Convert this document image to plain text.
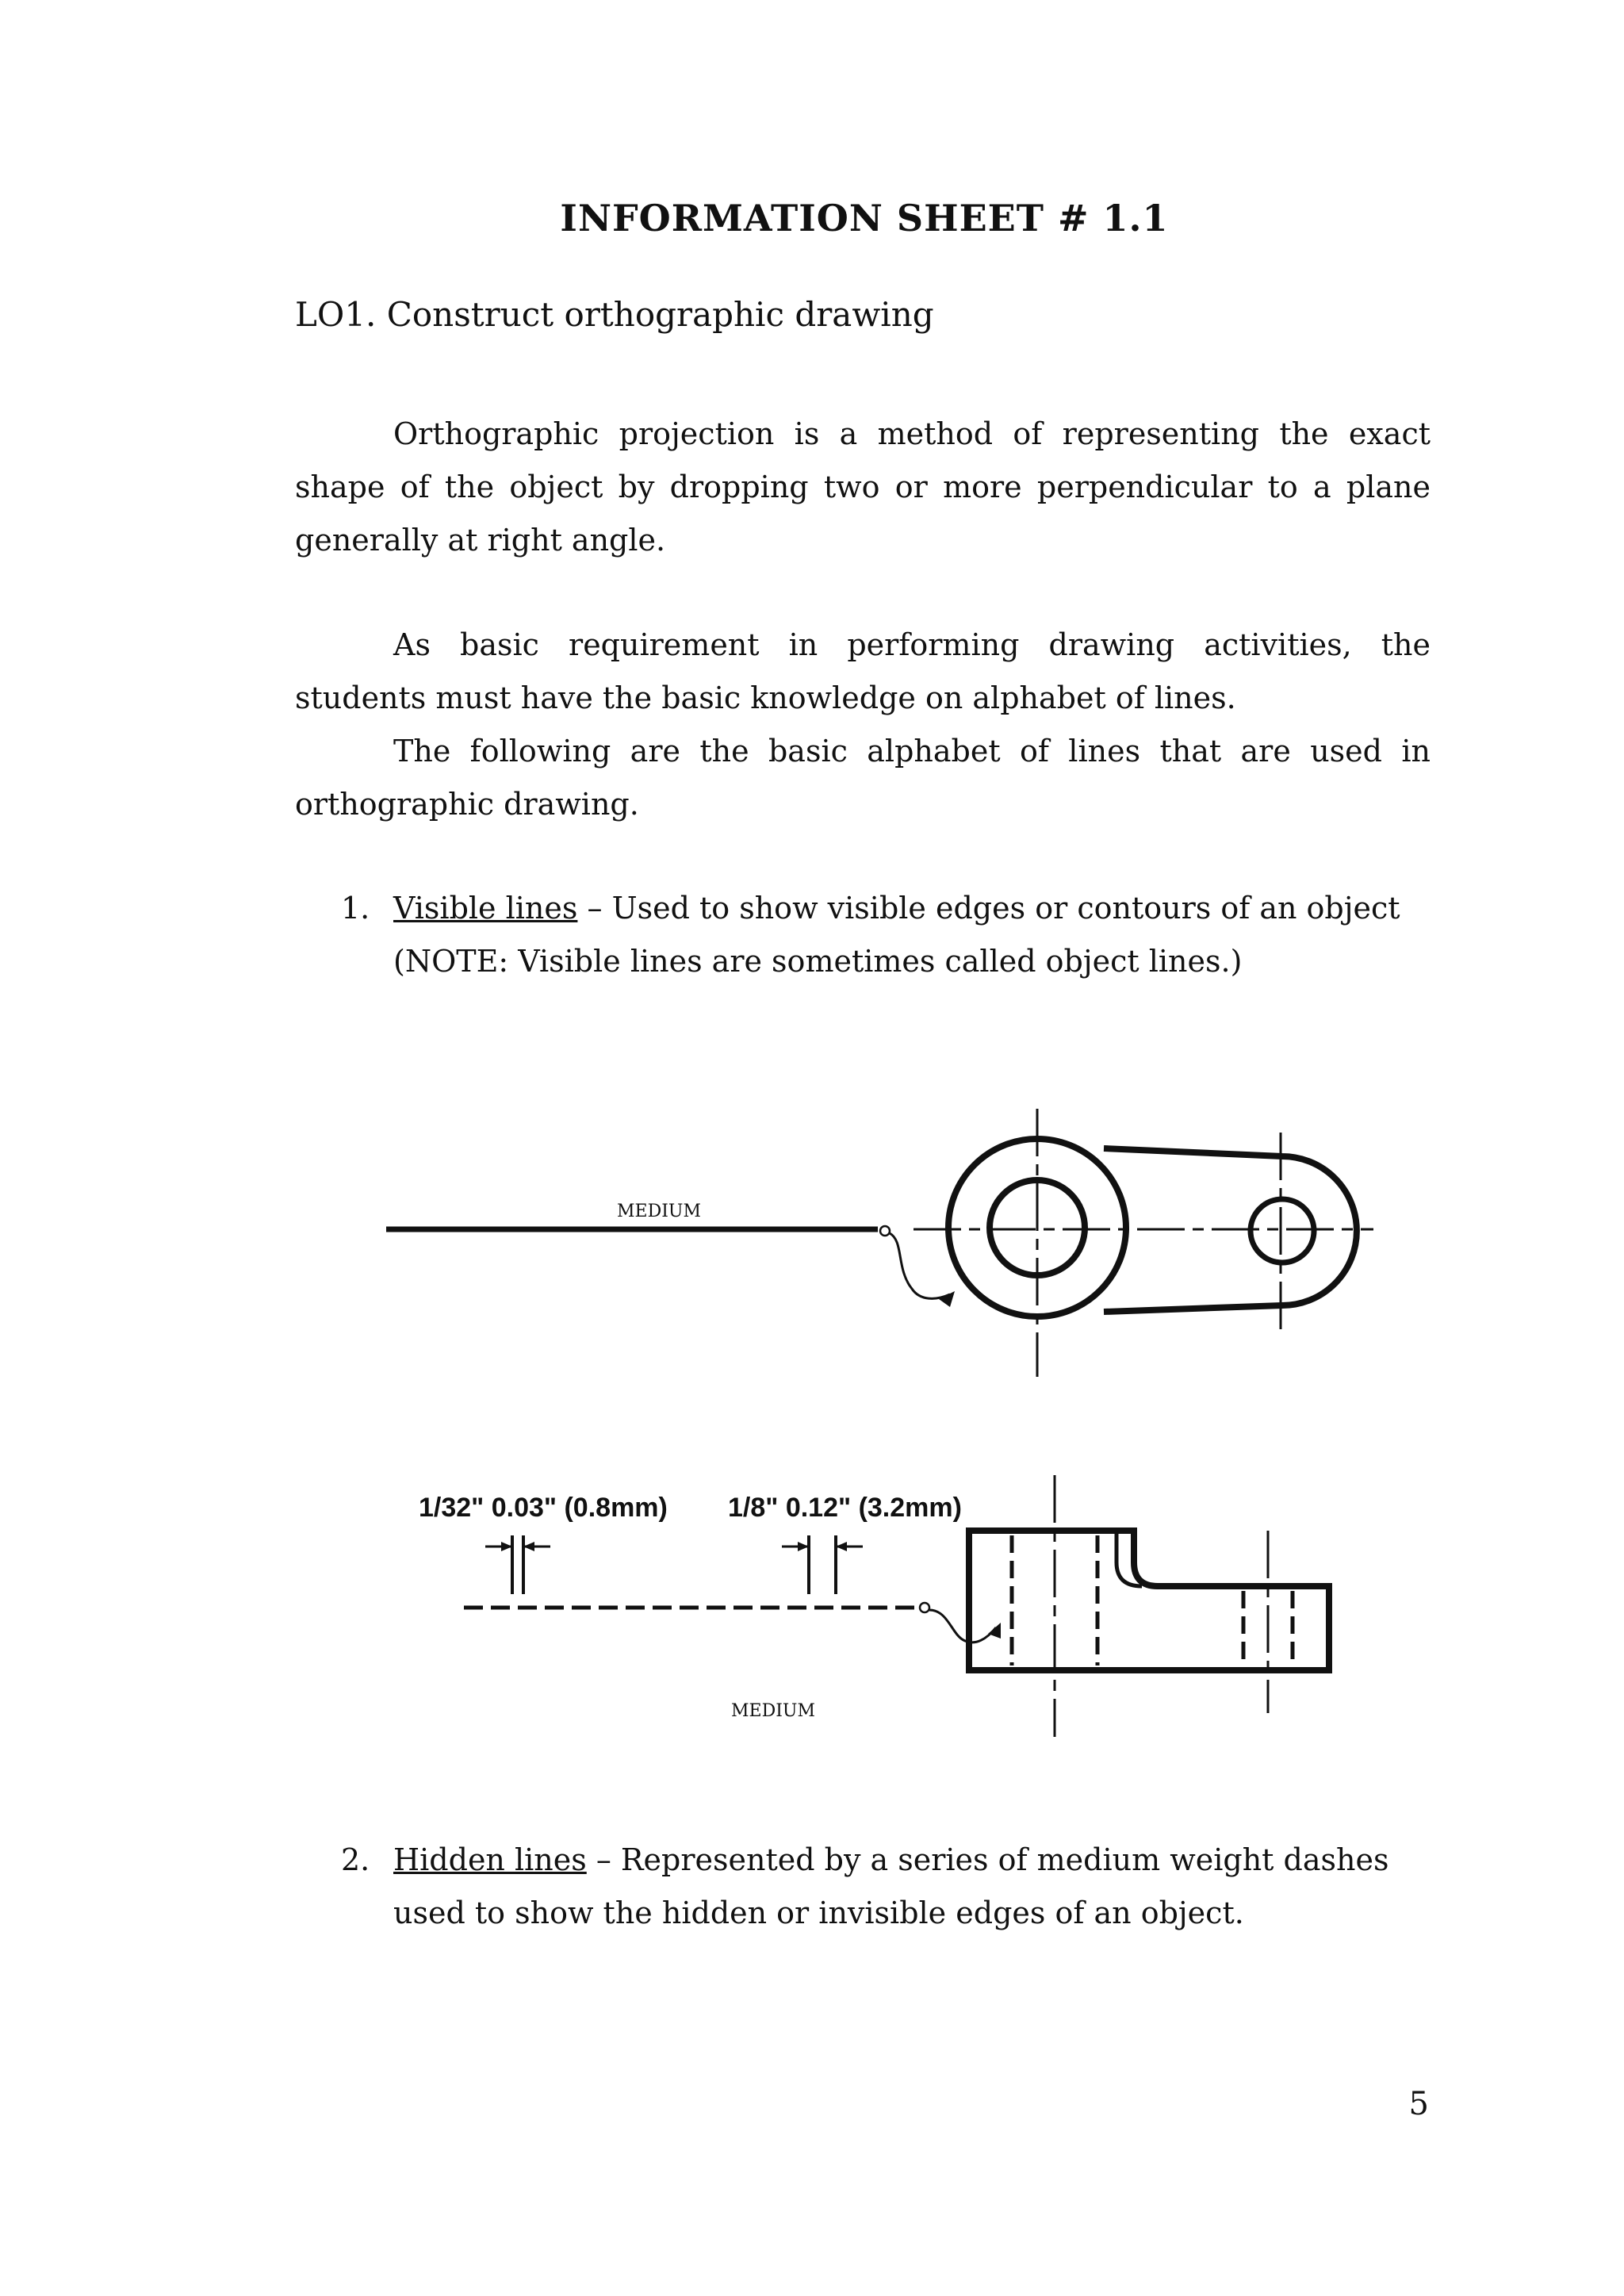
INFORMATION SHEET # 1.1
LO1. Construct orthographic drawing
Orthographic projection is a method of representing the exact shape of the object by dropping two or more perpendicular to a plane generally at right angle.
As basic requirement in performing drawing activities, the students must have the basic knowledge on alphabet of lines.
The following are the basic alphabet of lines that are used in orthographic drawing.
1. Visible lines – Used to show visible edges or contours of an object
(NOTE: Visible lines are sometimes called object lines.)
MEDIUM
1/32" 0.03" (0.8mm) 1/8" 0.12" (3.2mm)
MEDIUM
2. Hidden lines – Represented by a series of medium weight dashes used to show the hidden or invisible edges of an object.
5
